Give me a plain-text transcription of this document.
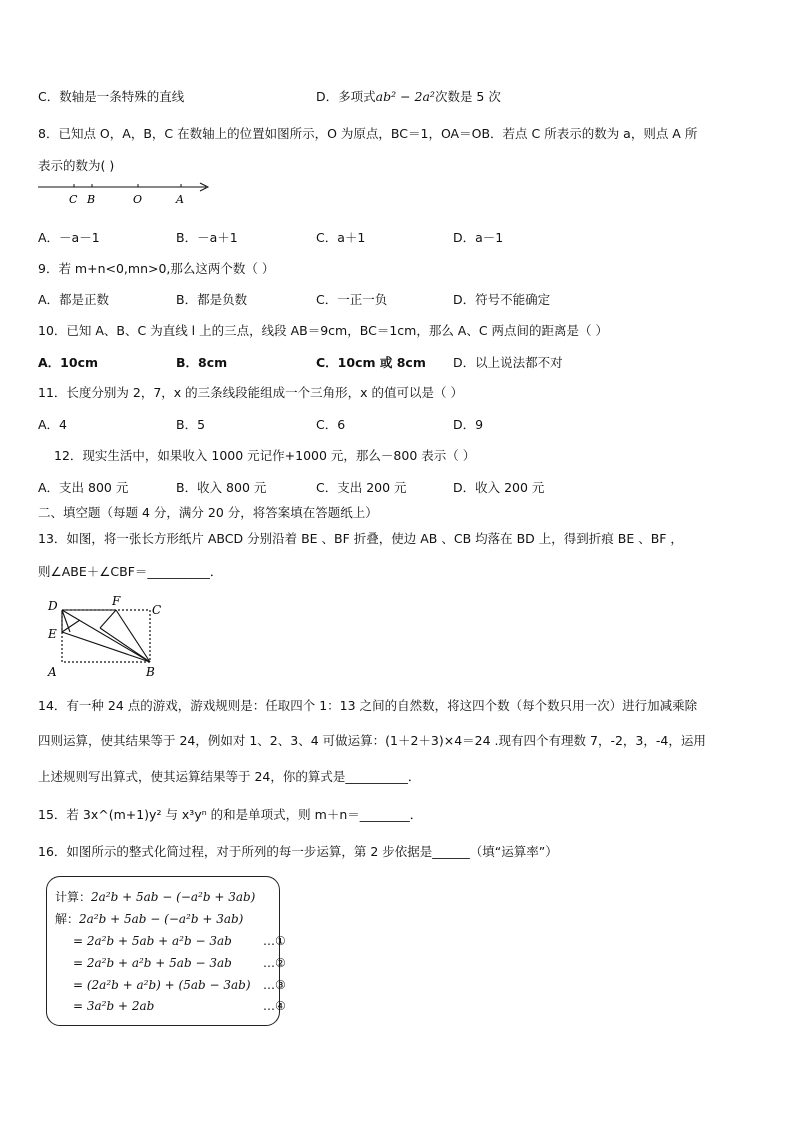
C．数轴是一条特殊的直线	D．多项式ab² − 2a²次数是 5 次
8．已知点 O，A，B，C 在数轴上的位置如图所示，O 为原点，BC＝1，OA＝OB．若点 C 所表示的数为 a，则点 A 所
表示的数为( )
C B	O	A
A．－a－1	B．－a＋1	C．a＋1	D．a－1
9．若 m+n<0,mn>0,那么这两个数（ ）
A．都是正数	B．都是负数	C．一正一负	D．符号不能确定
10．已知 A、B、C 为直线 l 上的三点，线段 AB＝9cm，BC＝1cm，那么 A、C 两点间的距离是（ ）
A．10cm	B．8cm	C．10cm 或 8cm D．以上说法都不对
11．长度分别为 2，7，x 的三条线段能组成一个三角形，x 的值可以是（ ）
A．4	B．5	C．6	D．9
12．现实生活中，如果收入 1000 元记作+1000 元，那么－800 表示（ ）
A．支出 800 元	B．收入 800 元	C．支出 200 元	D．收入 200 元
二、填空题（每题 4 分，满分 20 分，将答案填在答题纸上）
13．如图，将一张长方形纸片 ABCD 分别沿着 BE 、BF 折叠，使边 AB 、CB 均落在 BD 上，得到折痕 BE 、BF ，
则∠ABE＋∠CBF＝__________．
D	F
C
E
A	B
14．有一种 24 点的游戏，游戏规则是：任取四个 1：13 之间的自然数，将这四个数（每个数只用一次）进行加减乘除
四则运算，使其结果等于 24，例如对 1、2、3、4 可做运算：(1＋2＋3)×4＝24 .现有四个有理数 7，-2，3，-4，运用
上述规则写出算式，使其运算结果等于 24，你的算式是__________．
15．若 3x^(m+1)y² 与 x³yⁿ 的和是单项式，则 m＋n＝________．
16．如图所示的整式化简过程，对于所列的每一步运算，第 2 步依据是______（填“运算率”）
计算：2a²b + 5ab − (−a²b + 3ab)
解：2a²b + 5ab − (−a²b + 3ab)
= 2a²b + 5ab + a²b − 3ab	…①
= 2a²b + a²b + 5ab − 3ab	…②
= (2a²b + a²b) + (5ab − 3ab) …③
= 3a²b + 2ab	…④
